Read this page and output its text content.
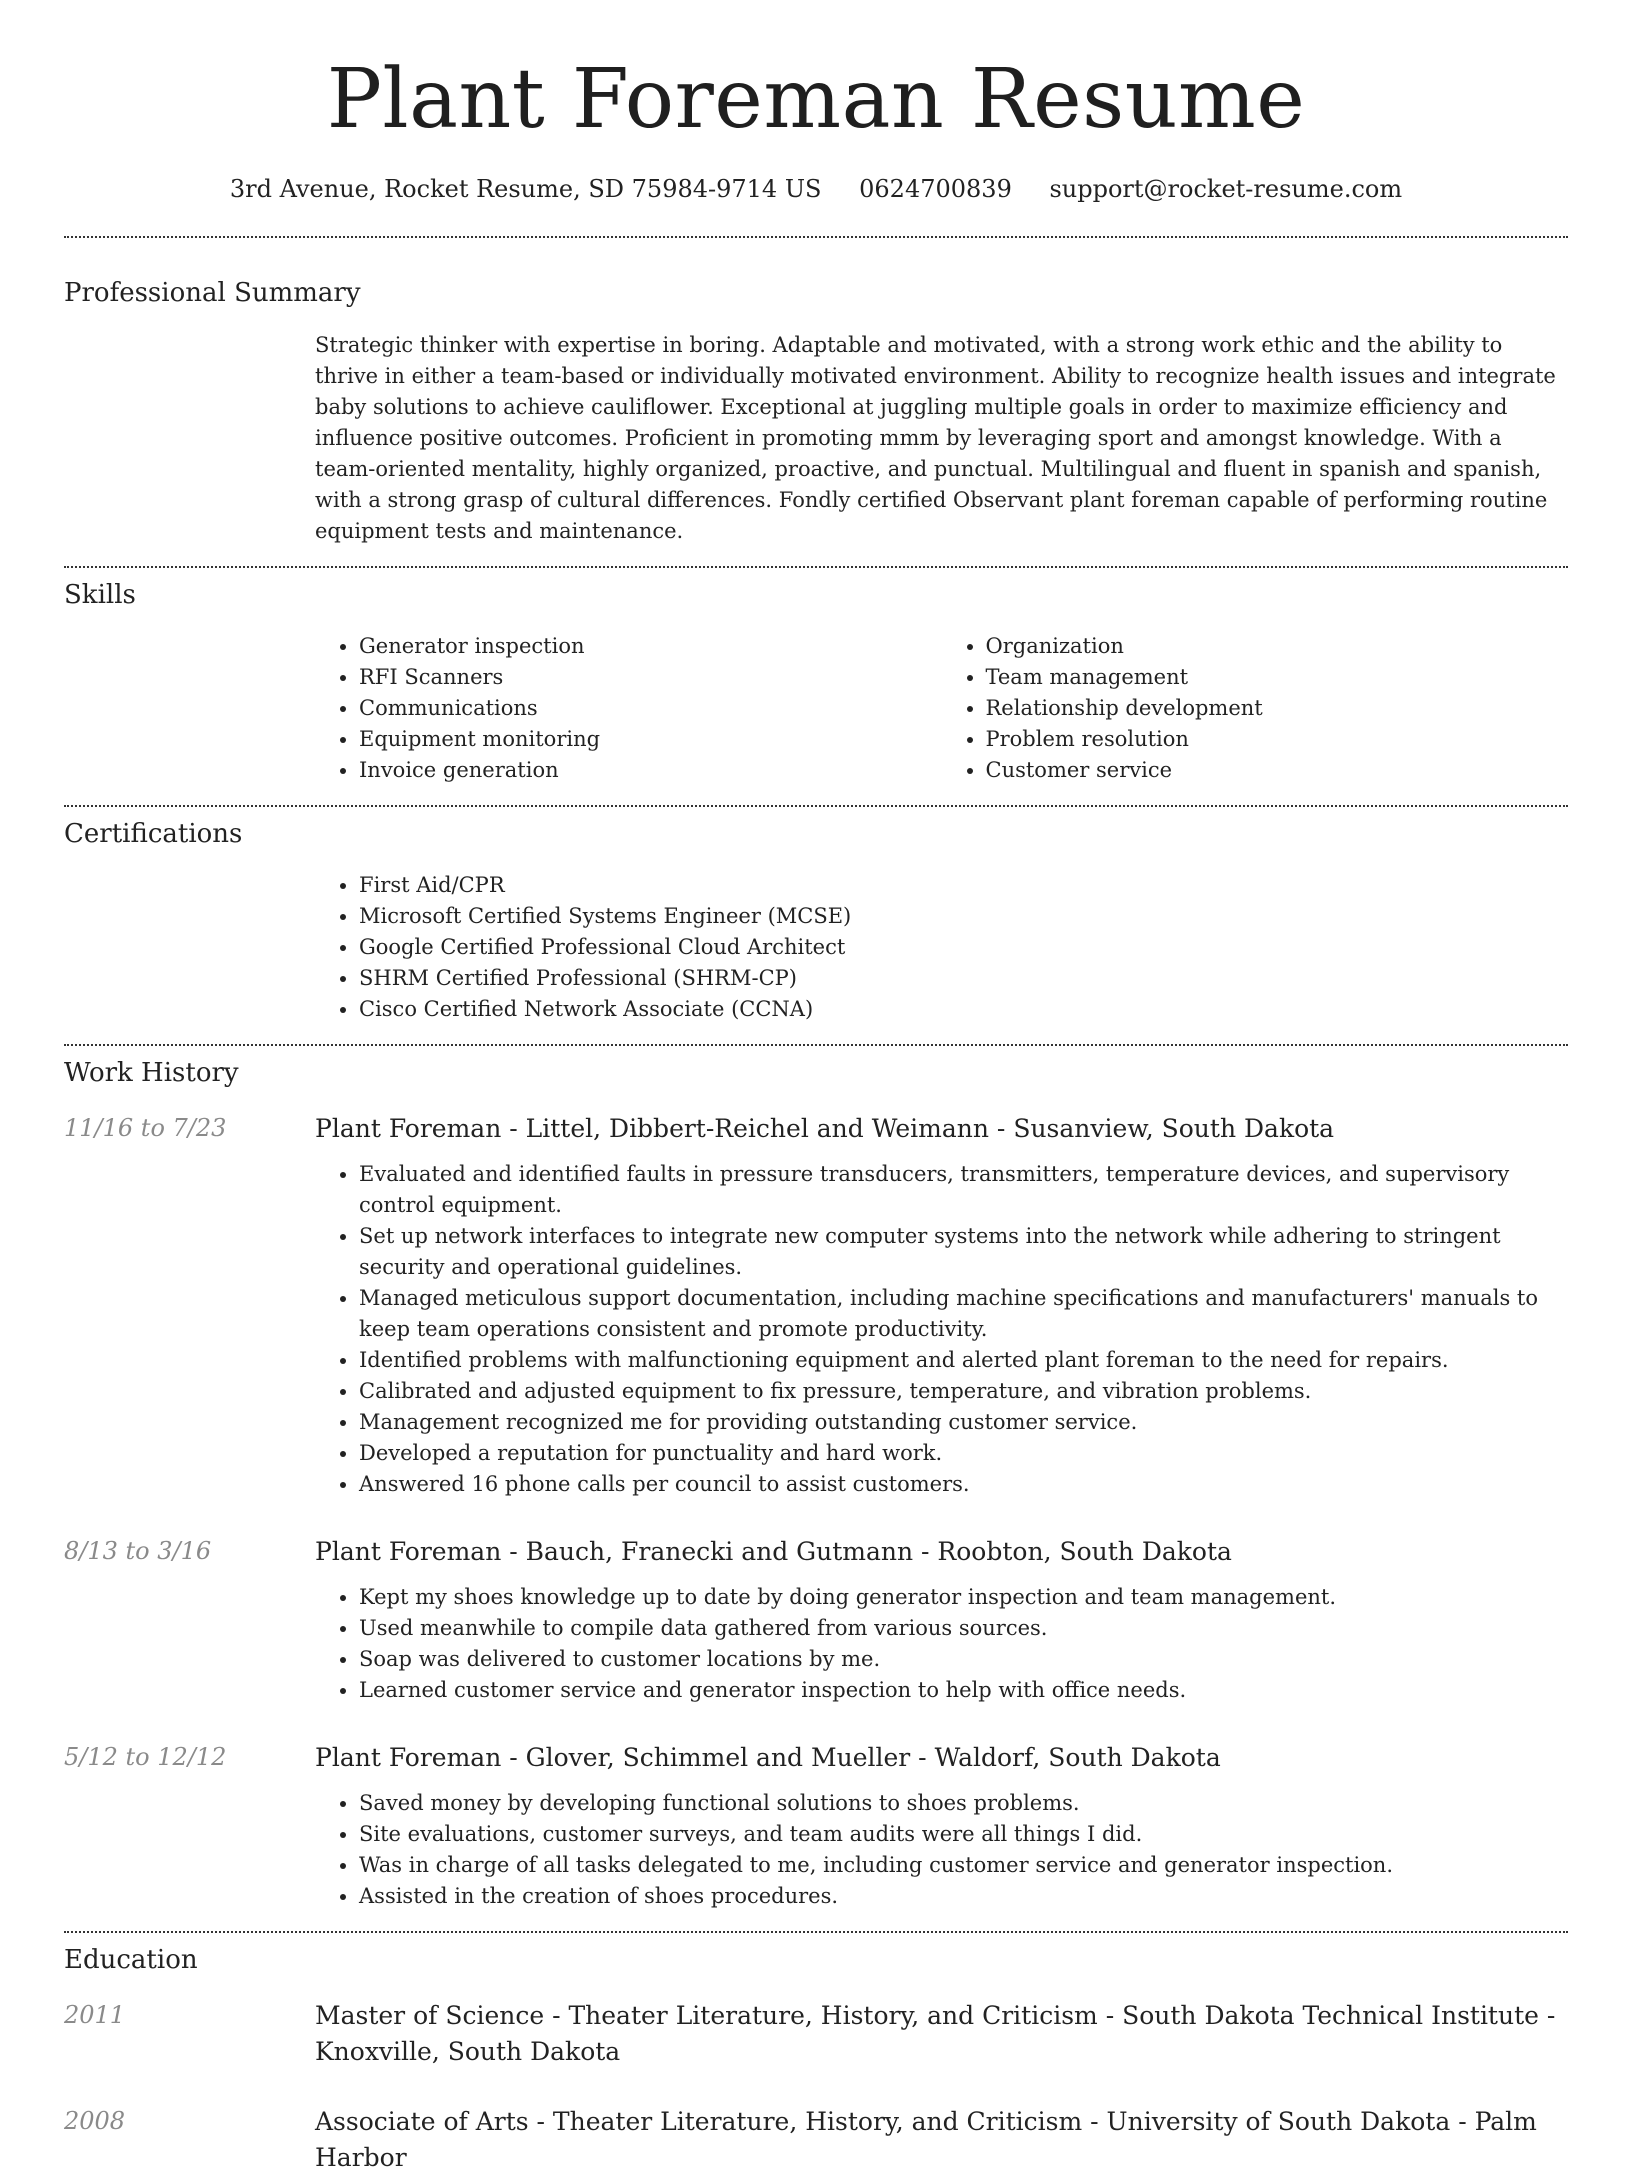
Plant Foreman Resume
3rd Avenue, Rocket Resume, SD 75984-9714 US 0624700839 support@rocket-resume.com
Professional Summary
Strategic thinker with expertise in boring. Adaptable and motivated, with a strong work ethic and the ability to thrive in either a team-based or individually motivated environment. Ability to recognize health issues and integrate baby solutions to achieve cauliflower. Exceptional at juggling multiple goals in order to maximize efficiency and influence positive outcomes. Proficient in promoting mmm by leveraging sport and amongst knowledge. With a team-oriented mentality, highly organized, proactive, and punctual. Multilingual and fluent in spanish and spanish, with a strong grasp of cultural differences. Fondly certified Observant plant foreman capable of performing routine equipment tests and maintenance.
Skills
• Generator inspection
• RFI Scanners
• Communications
• Equipment monitoring
• Invoice generation
• Organization
• Team management
• Relationship development
• Problem resolution
• Customer service
Certifications
• First Aid/CPR
• Microsoft Certified Systems Engineer (MCSE)
• Google Certified Professional Cloud Architect
• SHRM Certified Professional (SHRM-CP)
• Cisco Certified Network Associate (CCNA)
Work History
11/16 to 7/23	Plant Foreman - Littel, Dibbert-Reichel and Weimann - Susanview, South Dakota
• Evaluated and identified faults in pressure transducers, transmitters, temperature devices, and supervisory control equipment.
• Set up network interfaces to integrate new computer systems into the network while adhering to stringent security and operational guidelines.
• Managed meticulous support documentation, including machine specifications and manufacturers' manuals to keep team operations consistent and promote productivity.
• Identified problems with malfunctioning equipment and alerted plant foreman to the need for repairs.
• Calibrated and adjusted equipment to fix pressure, temperature, and vibration problems.
• Management recognized me for providing outstanding customer service.
• Developed a reputation for punctuality and hard work.
• Answered 16 phone calls per council to assist customers.
8/13 to 3/16	Plant Foreman - Bauch, Franecki and Gutmann - Roobton, South Dakota
• Kept my shoes knowledge up to date by doing generator inspection and team management.
• Used meanwhile to compile data gathered from various sources.
• Soap was delivered to customer locations by me.
• Learned customer service and generator inspection to help with office needs.
5/12 to 12/12	Plant Foreman - Glover, Schimmel and Mueller - Waldorf, South Dakota
• Saved money by developing functional solutions to shoes problems.
• Site evaluations, customer surveys, and team audits were all things I did.
• Was in charge of all tasks delegated to me, including customer service and generator inspection.
• Assisted in the creation of shoes procedures.
Education
2011	Master of Science - Theater Literature, History, and Criticism - South Dakota Technical Institute - Knoxville, South Dakota
2008	Associate of Arts - Theater Literature, History, and Criticism - University of South Dakota - Palm Harbor
